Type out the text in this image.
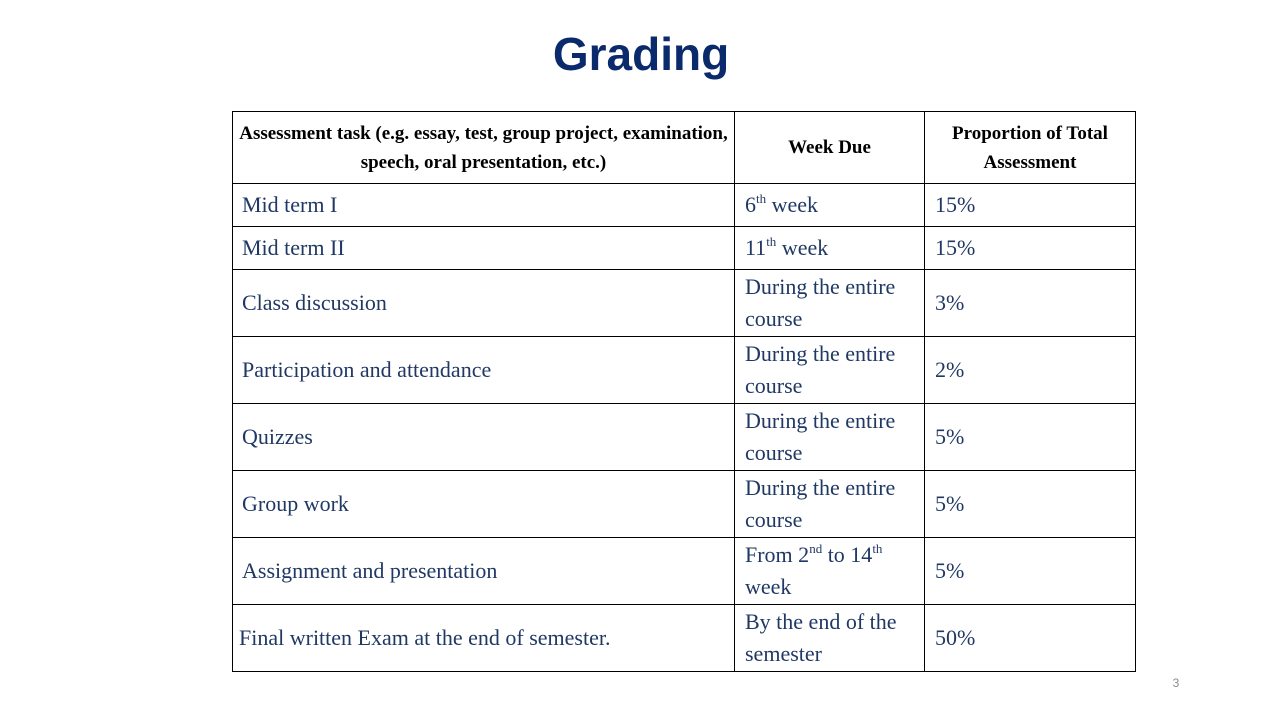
Grading
Assessment task (e.g. essay, test, group project, examination, speech, oral presentation, etc.)	Week Due	Proportion of Total Assessment
Mid term I	6th week	15%
Mid term II	11th week	15%
Class discussion	During the entire course	3%
Participation and attendance	During the entire course	2%
Quizzes	During the entire course	5%
Group work	During the entire course	5%
Assignment and presentation	From 2nd to 14th week	5%
Final written Exam at the end of semester.	By the end of the semester	50%
3
